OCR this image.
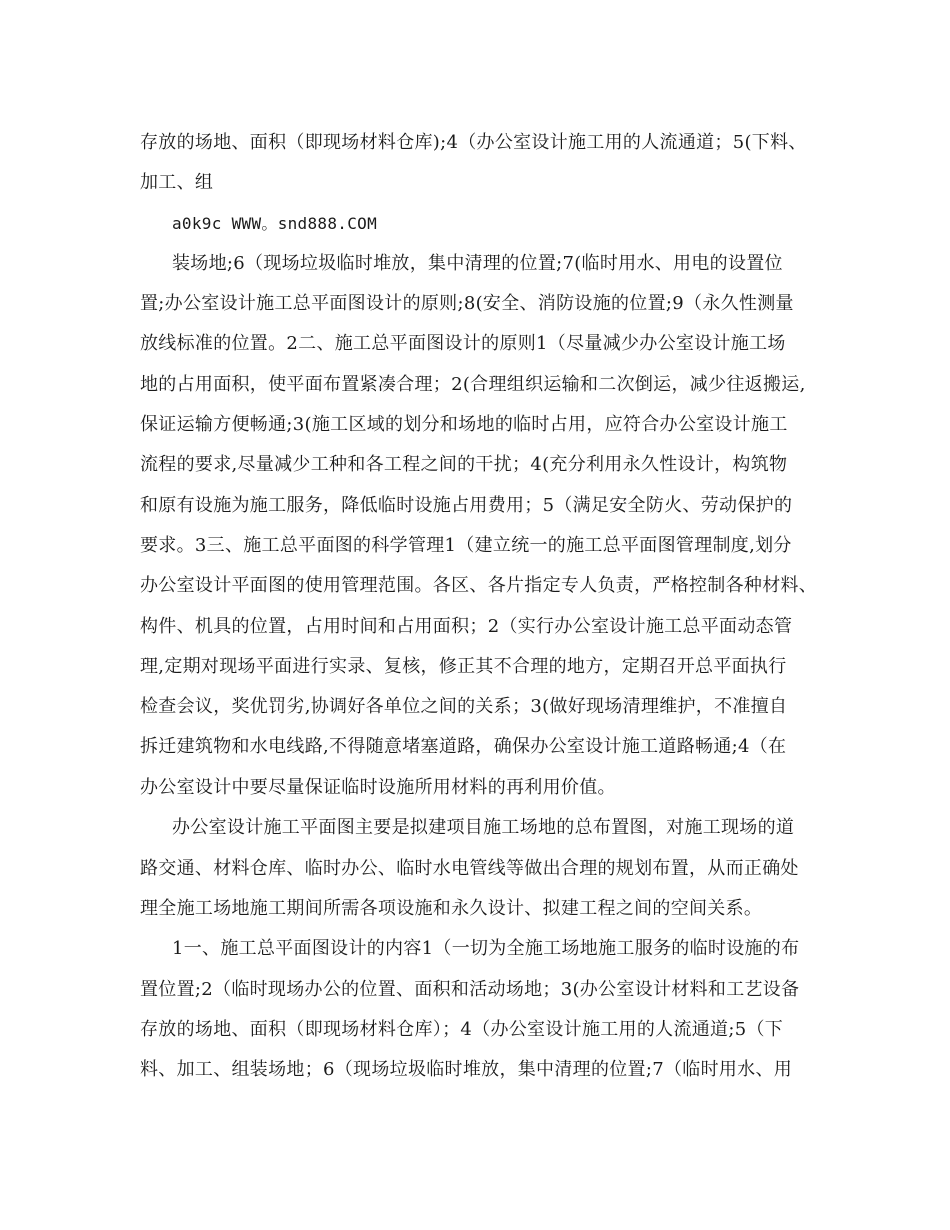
存放的场地、面积（即现场材料仓库);4（办公室设计施工用的人流通道；5(下料、
加工、组
a0k9c WWW。snd888.COM
装场地;6（现场垃圾临时堆放，集中清理的位置;7(临时用水、用电的设置位
置;办公室设计施工总平面图设计的原则;8(安全、消防设施的位置;9（永久性测量
放线标准的位置。2二、施工总平面图设计的原则1（尽量减少办公室设计施工场
地的占用面积，使平面布置紧凑合理；2(合理组织运输和二次倒运，减少往返搬运,
保证运输方便畅通;3(施工区域的划分和场地的临时占用，应符合办公室设计施工
流程的要求,尽量减少工种和各工程之间的干扰；4(充分利用永久性设计，构筑物
和原有设施为施工服务，降低临时设施占用费用；5（满足安全防火、劳动保护的
要求。3三、施工总平面图的科学管理1（建立统一的施工总平面图管理制度,划分
办公室设计平面图的使用管理范围。各区、各片指定专人负责，严格控制各种材料、
构件、机具的位置，占用时间和占用面积；2（实行办公室设计施工总平面动态管
理,定期对现场平面进行实录、复核，修正其不合理的地方，定期召开总平面执行
检查会议，奖优罚劣,协调好各单位之间的关系；3(做好现场清理维护，不准擅自
拆迁建筑物和水电线路,不得随意堵塞道路，确保办公室设计施工道路畅通;4（在
办公室设计中要尽量保证临时设施所用材料的再利用价值。
办公室设计施工平面图主要是拟建项目施工场地的总布置图，对施工现场的道
路交通、材料仓库、临时办公、临时水电管线等做出合理的规划布置，从而正确处
理全施工场地施工期间所需各项设施和永久设计、拟建工程之间的空间关系。
1一、施工总平面图设计的内容1（一切为全施工场地施工服务的临时设施的布
置位置;2（临时现场办公的位置、面积和活动场地；3(办公室设计材料和工艺设备
存放的场地、面积（即现场材料仓库）；4（办公室设计施工用的人流通道;5（下
料、加工、组装场地；6（现场垃圾临时堆放，集中清理的位置;7（临时用水、用
